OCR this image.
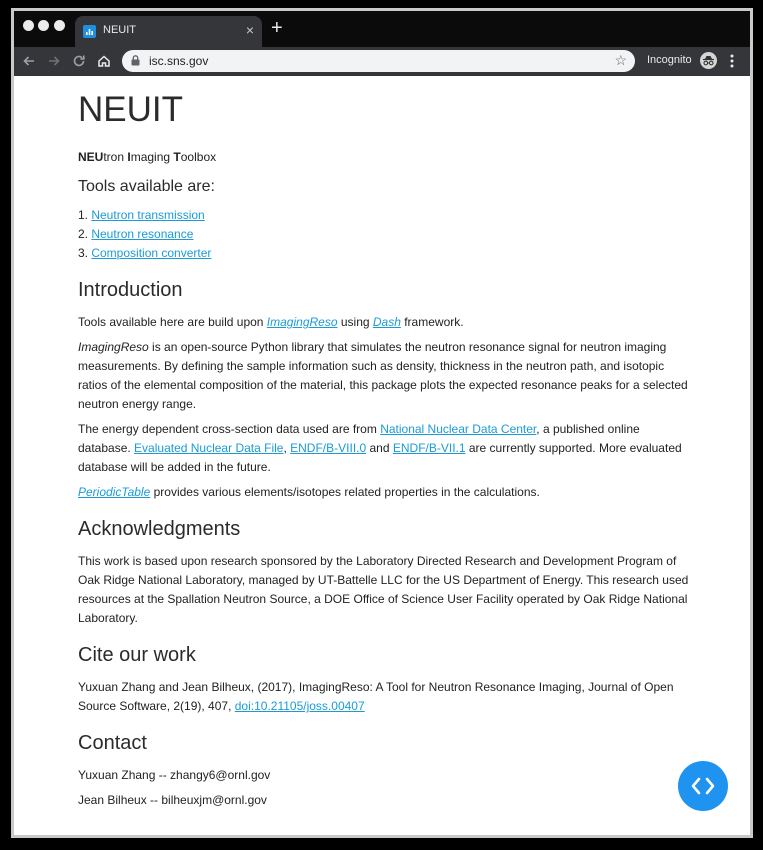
NEUIT	× +
isc.sns.gov	☆ Incognito
NEUIT
NEUtron Imaging Toolbox
Tools available are:
1. Neutron transmission
2. Neutron resonance
3. Composition converter
Introduction

Tools available here are build upon ImagingReso using Dash framework.

ImagingReso is an open-source Python library that simulates the neutron resonance signal for neutron imaging measurements. By defining the sample information such as density, thickness in the neutron path, and isotopic ratios of the elemental composition of the material, this package plots the expected resonance peaks for a selected neutron energy range.

The energy dependent cross-section data used are from National Nuclear Data Center, a published online database. Evaluated Nuclear Data File, ENDF/B-VIII.0 and ENDF/B-VII.1 are currently supported. More evaluated database will be added in the future.

PeriodicTable provides various elements/isotopes related properties in the calculations.

Acknowledgments

This work is based upon research sponsored by the Laboratory Directed Research and Development Program of Oak Ridge National Laboratory, managed by UT-Battelle LLC for the US Department of Energy. This research used resources at the Spallation Neutron Source, a DOE Office of Science User Facility operated by Oak Ridge National Laboratory.

Cite our work

Yuxuan Zhang and Jean Bilheux, (2017), ImagingReso: A Tool for Neutron Resonance Imaging, Journal of Open Source Software, 2(19), 407, doi:10.21105/joss.00407

Contact

Yuxuan Zhang -- zhangy6@ornl.gov

Jean Bilheux -- bilheuxjm@ornl.gov
